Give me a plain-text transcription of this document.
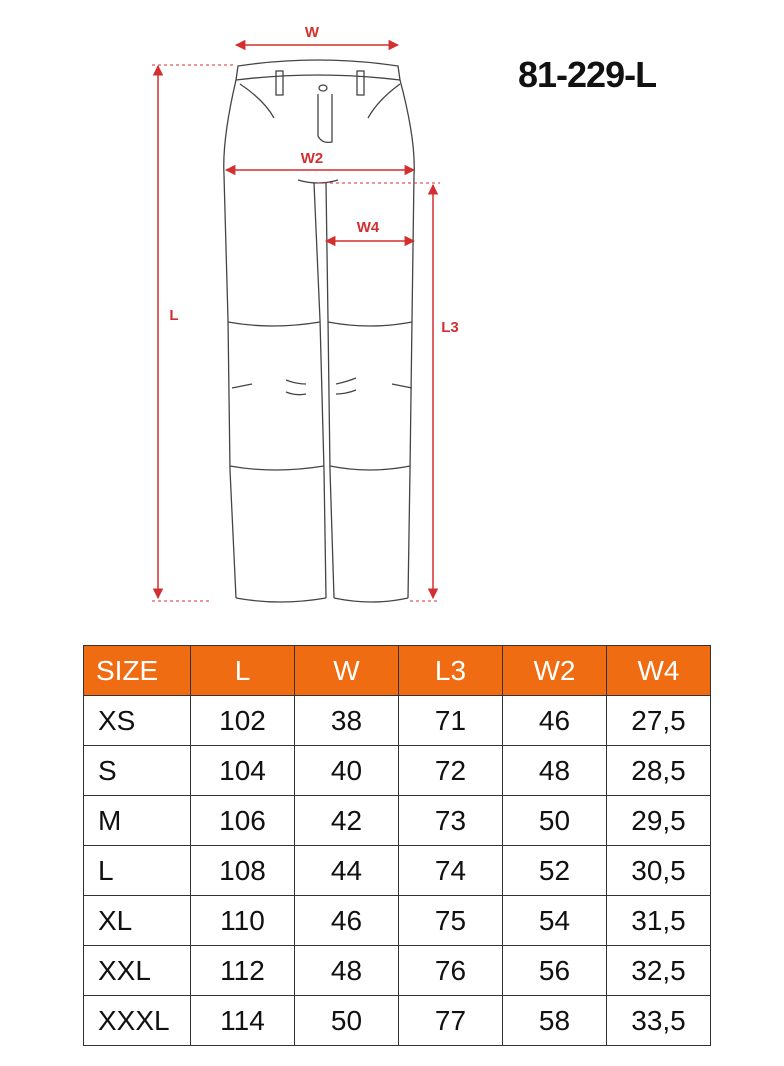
W
W2
W4
L
L3
81-229-L
SIZE	L	W	L3	W2	W4
XS	102	38	71	46	27,5
S	104	40	72	48	28,5
M	106	42	73	50	29,5
L	108	44	74	52	30,5
XL	110	46	75	54	31,5
XXL	112	48	76	56	32,5
XXXL	114	50	77	58	33,5
